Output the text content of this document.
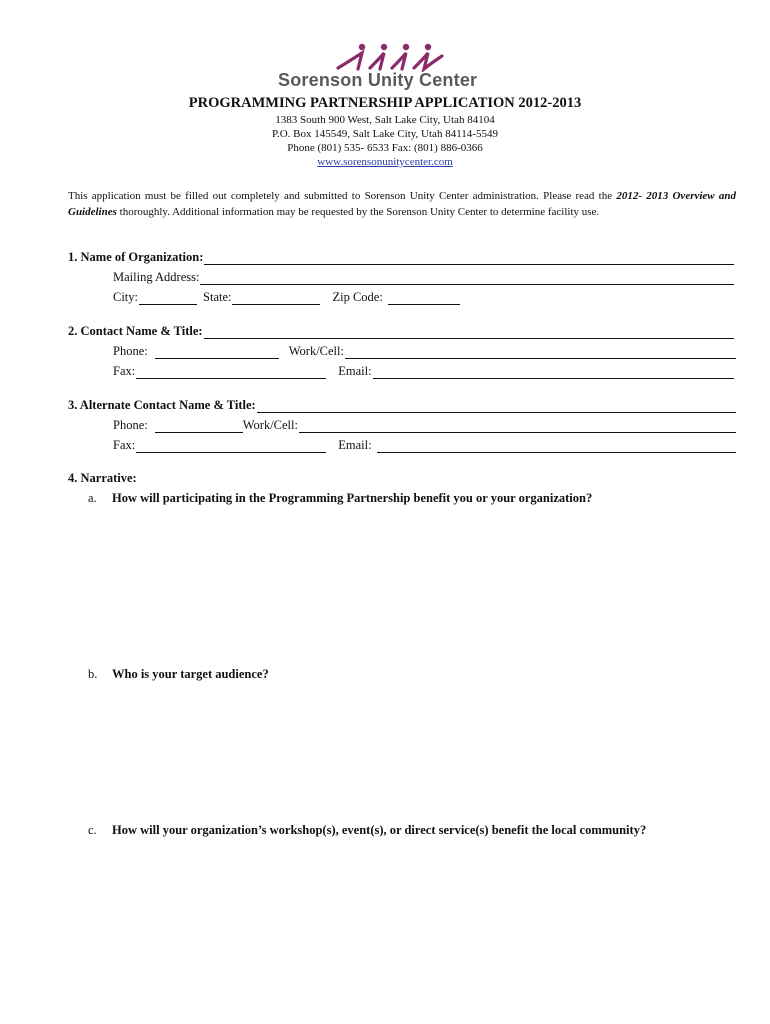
Sorenson Unity Center
PROGRAMMING PARTNERSHIP APPLICATION 2012-2013
1383 South 900 West, Salt Lake City, Utah 84104
P.O. Box 145549, Salt Lake City, Utah 84114-5549
Phone (801) 535- 6533 Fax: (801) 886-0366
www.sorensonunitycenter.com
This application must be filled out completely and submitted to Sorenson Unity Center administration. Please read the 2012- 2013 Overview and Guidelines thoroughly. Additional information may be requested by the Sorenson Unity Center to determine facility use.
1. Name of Organization:
Mailing Address:
City:	State:	Zip Code:
2. Contact Name & Title:
Phone:	Work/Cell:
Fax:	Email:
3. Alternate Contact Name & Title:
Phone:	Work/Cell:
Fax:	Email:
4. Narrative:
a. How will participating in the Programming Partnership benefit you or your organization?
b. Who is your target audience?
c. How will your organization’s workshop(s), event(s), or direct service(s) benefit the local community?
